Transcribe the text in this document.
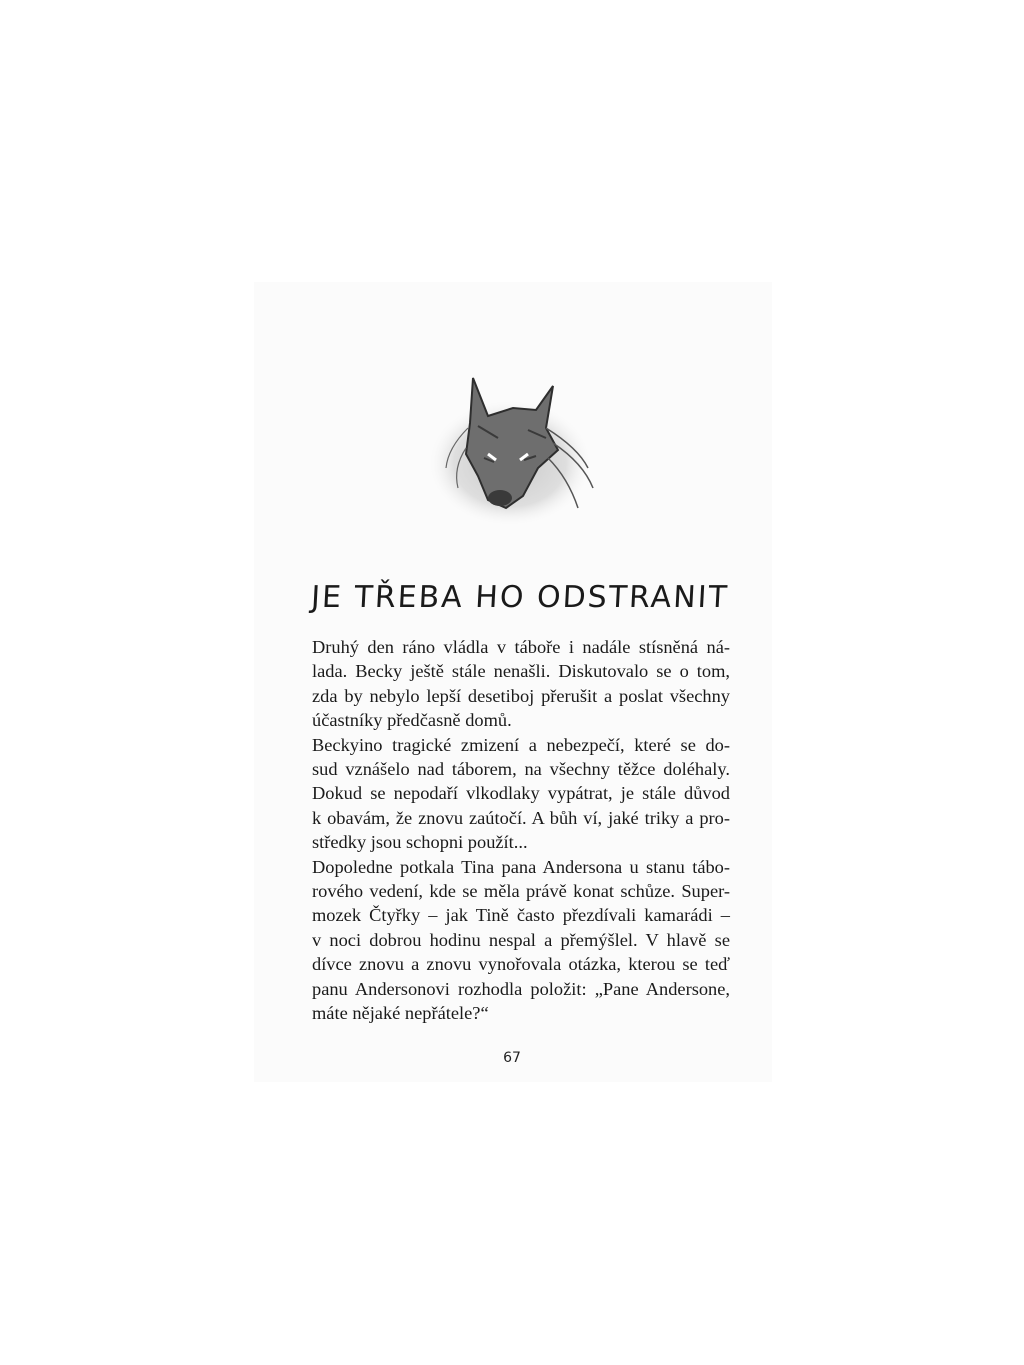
JE TŘEBA HO ODSTRANIT
Druhý den ráno vládla v táboře i nadále stísněná ná-
lada. Becky ještě stále nenašli. Diskutovalo se o tom,
zda by nebylo lepší desetiboj přerušit a poslat všechny
účastníky předčasně domů.
Beckyino tragické zmizení a nebezpečí, které se do-
sud vznášelo nad táborem, na všechny těžce doléhaly.
Dokud se nepodaří vlkodlaky vypátrat, je stále důvod
k obavám, že znovu zaútočí. A bůh ví, jaké triky a pro-
středky jsou schopni použít...
Dopoledne potkala Tina pana Andersona u stanu tábo-
rového vedení, kde se měla právě konat schůze. Super-
mozek Čtyřky – jak Tině často přezdívali kamarádi –
v noci dobrou hodinu nespal a přemýšlel. V hlavě se
dívce znovu a znovu vynořovala otázka, kterou se teď
panu Andersonovi rozhodla položit: „Pane Andersone,
máte nějaké nepřátele?“
67
